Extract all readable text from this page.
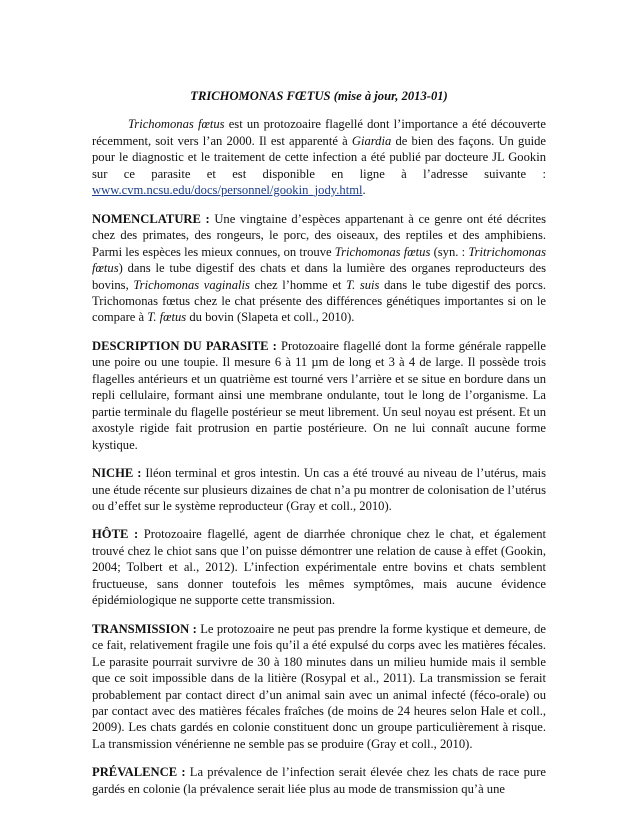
TRICHOMONAS FŒTUS (mise à jour, 2013-01)

Trichomonas fœtus est un protozoaire flagellé dont l’importance a été découverte récemment, soit vers l’an 2000. Il est apparenté à Giardia de bien des façons. Un guide pour le diagnostic et le traitement de cette infection a été publié par docteure JL Gookin sur ce parasite et est disponible en ligne à l’adresse suivante : www.cvm.ncsu.edu/docs/personnel/gookin_jody.html.

NOMENCLATURE : Une vingtaine d’espèces appartenant à ce genre ont été décrites chez des primates, des rongeurs, le porc, des oiseaux, des reptiles et des amphibiens. Parmi les espèces les mieux connues, on trouve Trichomonas fœtus (syn. : Tritrichomonas fœtus) dans le tube digestif des chats et dans la lumière des organes reproducteurs des bovins, Trichomonas vaginalis chez l’homme et T. suis dans le tube digestif des porcs. Trichomonas fœtus chez le chat présente des différences génétiques importantes si on le compare à T. fœtus du bovin (Slapeta et coll., 2010).

DESCRIPTION DU PARASITE : Protozoaire flagellé dont la forme générale rappelle une poire ou une toupie. Il mesure 6 à 11 µm de long et 3 à 4 de large. Il possède trois flagelles antérieurs et un quatrième est tourné vers l’arrière et se situe en bordure dans un repli cellulaire, formant ainsi une membrane ondulante, tout le long de l’organisme. La partie terminale du flagelle postérieur se meut librement. Un seul noyau est présent. Et un axostyle rigide fait protrusion en partie postérieure. On ne lui connaît aucune forme kystique.

NICHE : Iléon terminal et gros intestin. Un cas a été trouvé au niveau de l’utérus, mais une étude récente sur plusieurs dizaines de chat n’a pu montrer de colonisation de l’utérus ou d’effet sur le système reproducteur (Gray et coll., 2010).

HÔTE : Protozoaire flagellé, agent de diarrhée chronique chez le chat, et également trouvé chez le chiot sans que l’on puisse démontrer une relation de cause à effet (Gookin, 2004; Tolbert et al., 2012). L’infection expérimentale entre bovins et chats semblent fructueuse, sans donner toutefois les mêmes symptômes, mais aucune évidence épidémiologique ne supporte cette transmission.

TRANSMISSION : Le protozoaire ne peut pas prendre la forme kystique et demeure, de ce fait, relativement fragile une fois qu’il a été expulsé du corps avec les matières fécales. Le parasite pourrait survivre de 30 à 180 minutes dans un milieu humide mais il semble que ce soit impossible dans de la litière (Rosypal et al., 2011). La transmission se ferait probablement par contact direct d’un animal sain avec un animal infecté (féco-orale) ou par contact avec des matières fécales fraîches (de moins de 24 heures selon Hale et coll., 2009). Les chats gardés en colonie constituent donc un groupe particulièrement à risque. La transmission vénérienne ne semble pas se produire (Gray et coll., 2010).

PRÉVALENCE : La prévalence de l’infection serait élevée chez les chats de race pure gardés en colonie (la prévalence serait liée plus au mode de transmission qu’à une
